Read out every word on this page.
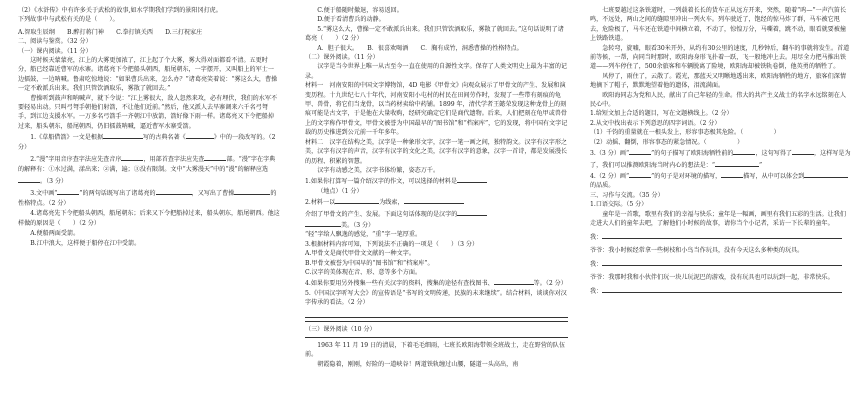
（2）《水浒传》中有许多关于武松的故事,如水学期我们学到的景阳冈打虎。

下列故事中与武松有关的是（　　）。

A.智取生辰纲　　B.醉打蒋门神　　C.拳打镇关西　　D.三打祝家庄

二、阅读与鉴赏。（32 分）

（一）课内阅读。（11 分）

这时候天蒙蒙亮，江上的大雾更加浓了，江上起了个大雾，雾大得对面都看不清。五更时分，船已经靠近曹军的水寨。诸葛亮下令把船头朝西，船尾朝东，一字摆开，又叫船上的军士一边擂鼓，一边呐喊。鲁肃吃惊地说：“如果曹兵出来，怎么办？”诸葛亮笑着说：“雾这么大，曹操一定不敢派兵出来。我们只管饮酒取乐，雾散了就回去。”

曹操听到鼓声和呐喊声，就下令说：“江上雾很大，敌人忽然来攻，必有埋伏，我们的水军不要轻易出动。只叫弓弩手朝他们射箭，不让他们近前。”然后，他又派人去旱寨调来六千名弓弩手，到江边支援水军。一万多名弓箭手一齐朝江中放箭，箭好像下雨一样。诸葛亮又下令把船掉过来，船头朝东，船尾朝西，仍旧擂鼓呐喊，逼近曹军水寨受箭。

1.《草船借箭》一文是根据	写的古典名著《	》中的一段改写的。（2 分）

2.“漫”字用音序查字法应先查音序	，用部首查字法应先查	部。“漫”字在字典的解释有：①水过满，漾出来；②满，遍；③没有限制。文中“大雾漫天”中的“漫”的解释应选。（3 分）

3.文中画“	”的两句话既写出了诸葛亮的	，又写出了曹操	的性格特点。（2 分）

4.诸葛亮先下令把船头朝西，船尾朝东；后来又下令把船掉过来，船头朝东，船尾朝西。他这样做的原因是（　　）（2 分）

A.便船两面受箭。

B.江中浪大，这样便于船停在江中受箭。

C.便于船随时撤退，容易返回。

D.便于看清曹兵的动静。

5.“雾这么大，曹操一定不敢派兵出来。我们只管饮酒取乐，雾散了就回去。”这句话说明了诸葛亮（　　）（2 分）

A．胆子很大。　　B．很喜欢喝酒　　C．胸有成竹，洞悉曹操的性格特点。

（二）课外阅读。（11 分）

汉字是当今世界上唯一从古至今一直在使用的自源性文字。保存了人类文明史上最为丰富的记录。

材料一　河南安阳的中国文字博物馆，4D 电影《甲骨文》向观众展示了甲骨文的产生、发展和演变历程。十九世纪七八十年代，河南安阳小屯村的村民在田间劳作时，发现了一些带有刻痕的龟甲、兽骨，将它们当龙骨，以当药材卖给中药铺。1899 年，清代学者王懿荣发现这种龙骨上的刻痕可能是古文字，于是他在大量收购，经研究确定它们是商代遗物。后来，人们把刻在龟甲或兽骨上的文字称作甲骨文，甲骨文被誉为中国最早的“图书馆”和“档案库”，它的发现，将中国有文字记载的历史推进到公元前一千年多年。

材料二　汉字在结构之美，汉字是一种象形文字，汉字一笔一画之间，独特韵文。汉字有汉字形之美，汉字有汉字的声音，汉字有汉字的文化之美，汉字有汉字的意象，汉字一首诗，都是发展漫长的历程、积累的智慧。

汉字有动感之美，汉字书体纷繁，姿态万千。

1.如果你打算写一篇介绍汉字的作文，可以选择的材料是

（地点）（1 分）

2.材料一以	为线索，

介绍了甲骨文的产生、发展。下面这句话体现的是汉字的

美。（3 分）

“轻”字给人飘逸的感觉，“重”字一笔厚重。

3.根据材料内容可知，下列说法不正确的一项是（　　）（3 分）

A.甲骨文是商代甲骨文文献的一种文字。

B.甲骨文被誉为中国早的“图书馆”和“档案库”。

C.汉字的美体现在音、形、意等多个方面。

4.如果你要用另外搜集一些有关汉字的资料，搜集的途径有查找图书、	等。（2 分）

5.《中国汉字听写大会》的宣传语是“书写的文明传递，民族的未来继续”。结合材料，谈谈你对汉字传承的看法。（2 分）

（三）课外阅读（10 分）

1963 年 11 月 19 日的清晨，下着毛毛细雨，七班长欧阳海带领全班战士，走在野营的队伍前。

朝霞隐着，刚刚，好险的一道峡谷！两道铁轨缠过山腰，隧道一头高出，南

七班要越过这条铁道时，一列载着长长的货车正从远方开来，突然，随着“呜—”一声汽笛长鸣，不远处，两山之间的缝隙里冲出一列火车。列车驶近了，饱经的惊马炸了群，马车被它甩去，危险极了，马车还在铁道中间横立着，不动了，惊惶万分，马嘶着，跳不动，眼看就要被撞上铁路铁道。

急转弯，旋嘘，眼看30米开外，从约有30公里的速度，几秒钟后，翻车的事就将发生。首道前等候，一帮，向同当时那时，欧阳海身形飞扑着一跃，飞一般地冲上去。用尽全力把马推出铁道——列车停住了，500余旅客和车辆脱离了险境，欧阳海却被铁轨卷倒，他英勇的牺牲了。

风停了，雨住了，云散了。霞光，那蓝天又明晰地透出来，欧阳海牺牲的地方，旅客们深情地摘下了帽子，默默地望着他的遗体，泪流满面。

欧阳海同志为党和人民，献出了自己年轻的生命。伟大的共产主义战士的名字永远铭刻在人民心中。

1.给短文加上合适的题目，写在文题横线上。（2 分）

2.从文中找出表示下列意思的四字词语。（2 分）

（1）千钧的重量就在一根头发上，形容事态极其危险。（　　　　　）

（2）动摇、翻倒，形容事态的紧急情况。（　　　　　）

3.（3 分）画“	”的句子描写了欧阳海牺牲前的	，这句写得了	，这样写是为了，我们可以推测欧阳海当时内心的想法是：“	”

4.（2 分）画“	”的句子是对环境的描写，	描写，从中可以体会到的品质。

三、习作与交流。（35 分）

1.口语交际。（5 分）

童年是一首歌，歌里有我们的幸福与快乐；童年是一幅画，画里有我们五彩的生活。让我们走进大人们的童年去吧，了解他们小时候的故事，请你当个小记者，采访一下长辈的童年。

我：

爷爷：我小时候经常拿一些树枝和小鸟当作玩具，没有今天这么多种类的玩具。

我：

爷爷：我那时我和小伙伴们玩一块儿玩泥巴的游戏，没有玩具也可以玩到一起，非常快乐。

我：
